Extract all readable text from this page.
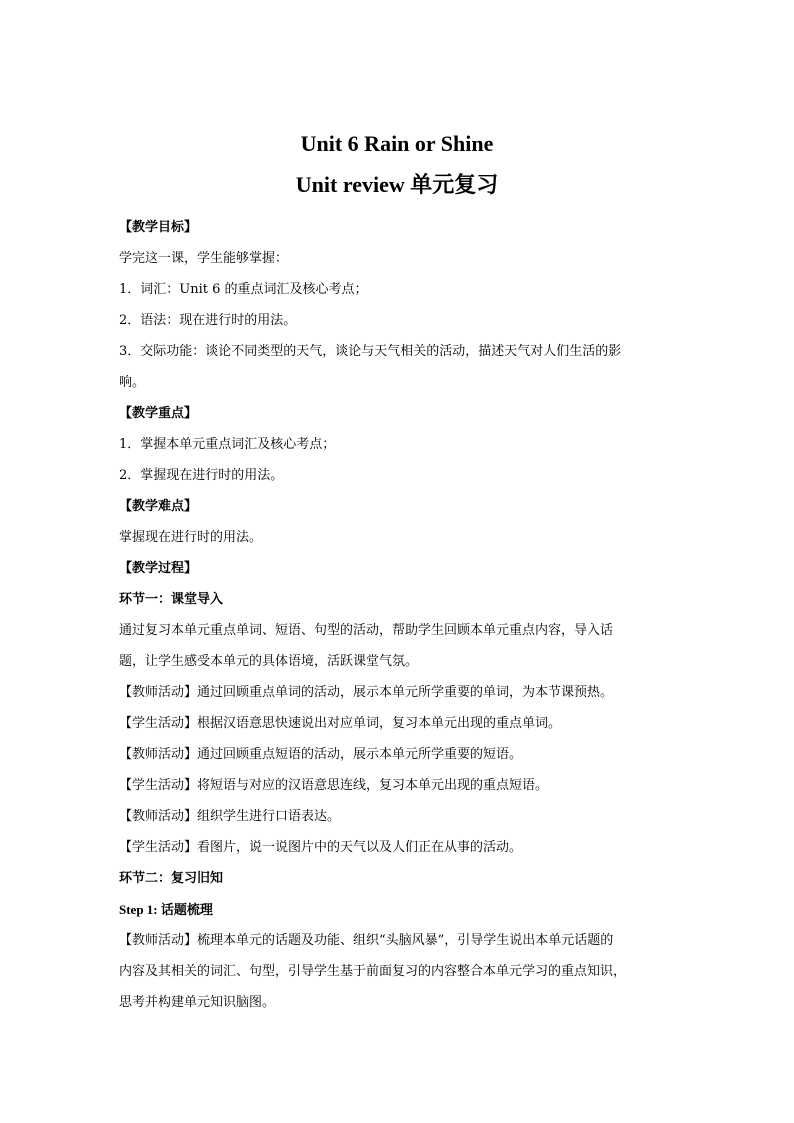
Unit 6 Rain or Shine
Unit review 单元复习
【教学目标】
学完这一课，学生能够掌握：
1．词汇：Unit 6 的重点词汇及核心考点；
2．语法：现在进行时的用法。
3．交际功能：谈论不同类型的天气，谈论与天气相关的活动，描述天气对人们生活的影
响。
【教学重点】
1．掌握本单元重点词汇及核心考点；
2．掌握现在进行时的用法。
【教学难点】
掌握现在进行时的用法。
【教学过程】
环节一：课堂导入
通过复习本单元重点单词、短语、句型的活动，帮助学生回顾本单元重点内容，导入话
题，让学生感受本单元的具体语境，活跃课堂气氛。
【教师活动】通过回顾重点单词的活动，展示本单元所学重要的单词，为本节课预热。
【学生活动】根据汉语意思快速说出对应单词，复习本单元出现的重点单词。
【教师活动】通过回顾重点短语的活动，展示本单元所学重要的短语。
【学生活动】将短语与对应的汉语意思连线，复习本单元出现的重点短语。
【教师活动】组织学生进行口语表达。
【学生活动】看图片，说一说图片中的天气以及人们正在从事的活动。
环节二：复习旧知
Step 1: 话题梳理
【教师活动】梳理本单元的话题及功能、组织“头脑风暴”，引导学生说出本单元话题的
内容及其相关的词汇、句型，引导学生基于前面复习的内容整合本单元学习的重点知识，
思考并构建单元知识脑图。
